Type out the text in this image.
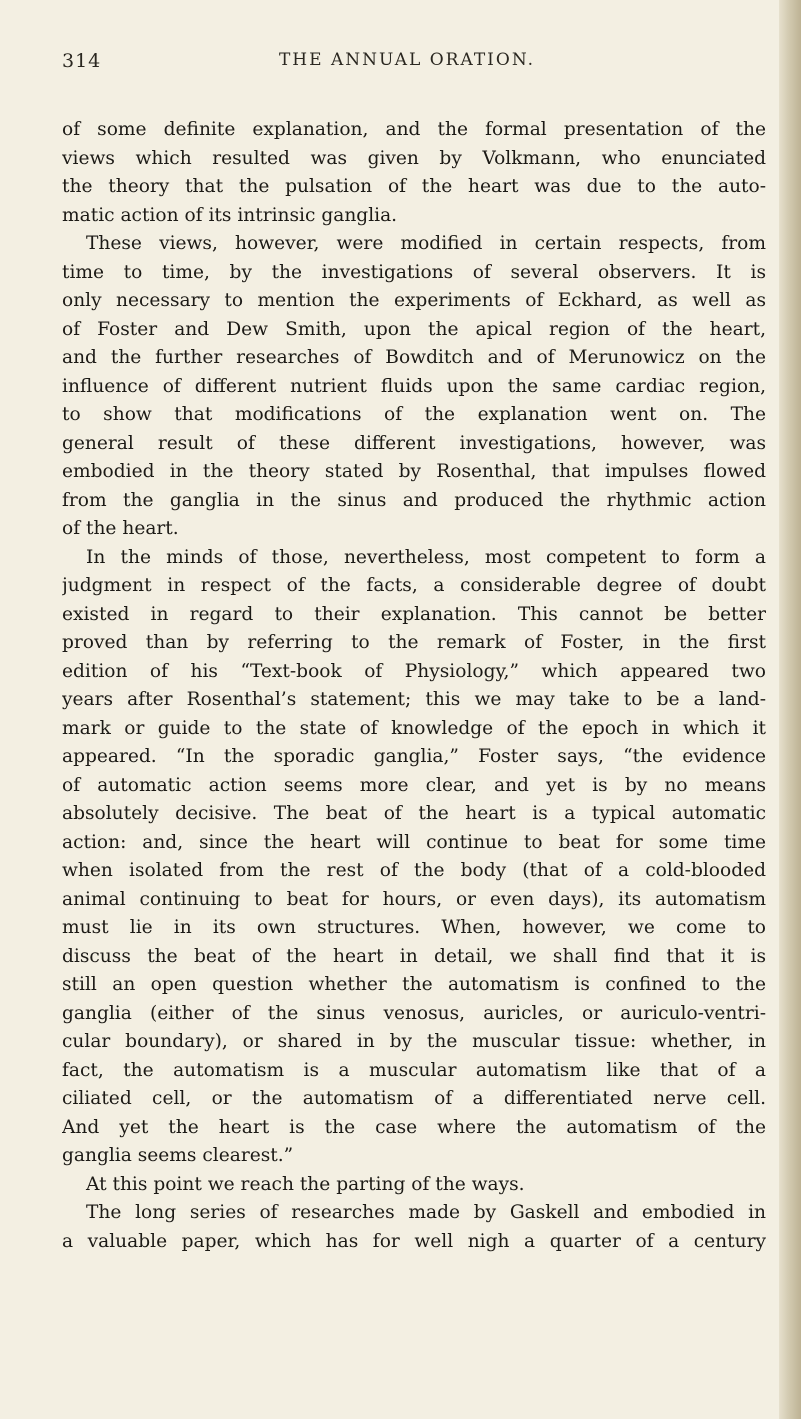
314	THE ANNUAL ORATION.
of some definite explanation, and the formal presentation of the
views which resulted was given by Volkmann, who enunciated
the theory that the pulsation of the heart was due to the auto-
matic action of its intrinsic ganglia.
These views, however, were modified in certain respects, from
time to time, by the investigations of several observers. It is
only necessary to mention the experiments of Eckhard, as well as
of Foster and Dew Smith, upon the apical region of the heart,
and the further researches of Bowditch and of Merunowicz on the
influence of different nutrient fluids upon the same cardiac region,
to show that modifications of the explanation went on. The
general result of these different investigations, however, was
embodied in the theory stated by Rosenthal, that impulses flowed
from the ganglia in the sinus and produced the rhythmic action
of the heart.
In the minds of those, nevertheless, most competent to form a
judgment in respect of the facts, a considerable degree of doubt
existed in regard to their explanation. This cannot be better
proved than by referring to the remark of Foster, in the first
edition of his “Text-book of Physiology,” which appeared two
years after Rosenthal’s statement; this we may take to be a land-
mark or guide to the state of knowledge of the epoch in which it
appeared. “In the sporadic ganglia,” Foster says, “the evidence
of automatic action seems more clear, and yet is by no means
absolutely decisive. The beat of the heart is a typical automatic
action: and, since the heart will continue to beat for some time
when isolated from the rest of the body (that of a cold-blooded
animal continuing to beat for hours, or even days), its automatism
must lie in its own structures. When, however, we come to
discuss the beat of the heart in detail, we shall find that it is
still an open question whether the automatism is confined to the
ganglia (either of the sinus venosus, auricles, or auriculo-ventri-
cular boundary), or shared in by the muscular tissue: whether, in
fact, the automatism is a muscular automatism like that of a
ciliated cell, or the automatism of a differentiated nerve cell.
And yet the heart is the case where the automatism of the
ganglia seems clearest.”
At this point we reach the parting of the ways.
The long series of researches made by Gaskell and embodied in
a valuable paper, which has for well nigh a quarter of a century
